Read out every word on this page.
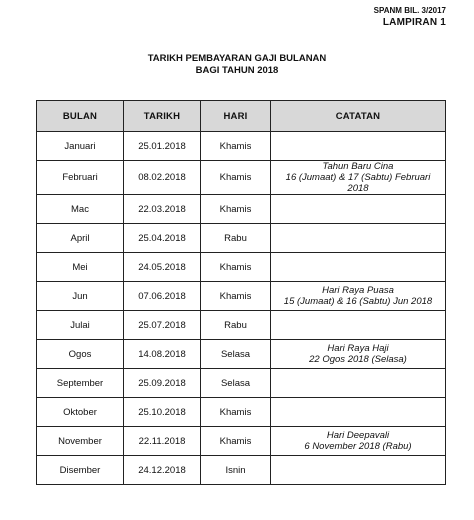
SPANM BIL. 3/2017
LAMPIRAN 1
TARIKH PEMBAYARAN GAJI BULANAN
BAGI TAHUN 2018
BULAN	TARIKH	HARI	CATATAN
Januari	25.01.2018	Khamis	
Februari	08.02.2018	Khamis	Tahun Baru Cina
16 (Jumaat) & 17 (Sabtu) Februari 2018

Mac	22.03.2018	Khamis	
April	25.04.2018	Rabu	
Mei	24.05.2018	Khamis	
Jun	07.06.2018	Khamis	Hari Raya Puasa
15 (Jumaat) & 16 (Sabtu) Jun 2018

Julai	25.07.2018	Rabu	
Ogos	14.08.2018	Selasa	Hari Raya Haji
22 Ogos 2018 (Selasa)

September	25.09.2018	Selasa	
Oktober	25.10.2018	Khamis	
November	22.11.2018	Khamis	Hari Deepavali
6 November 2018 (Rabu)

Disember	24.12.2018	Isnin	
